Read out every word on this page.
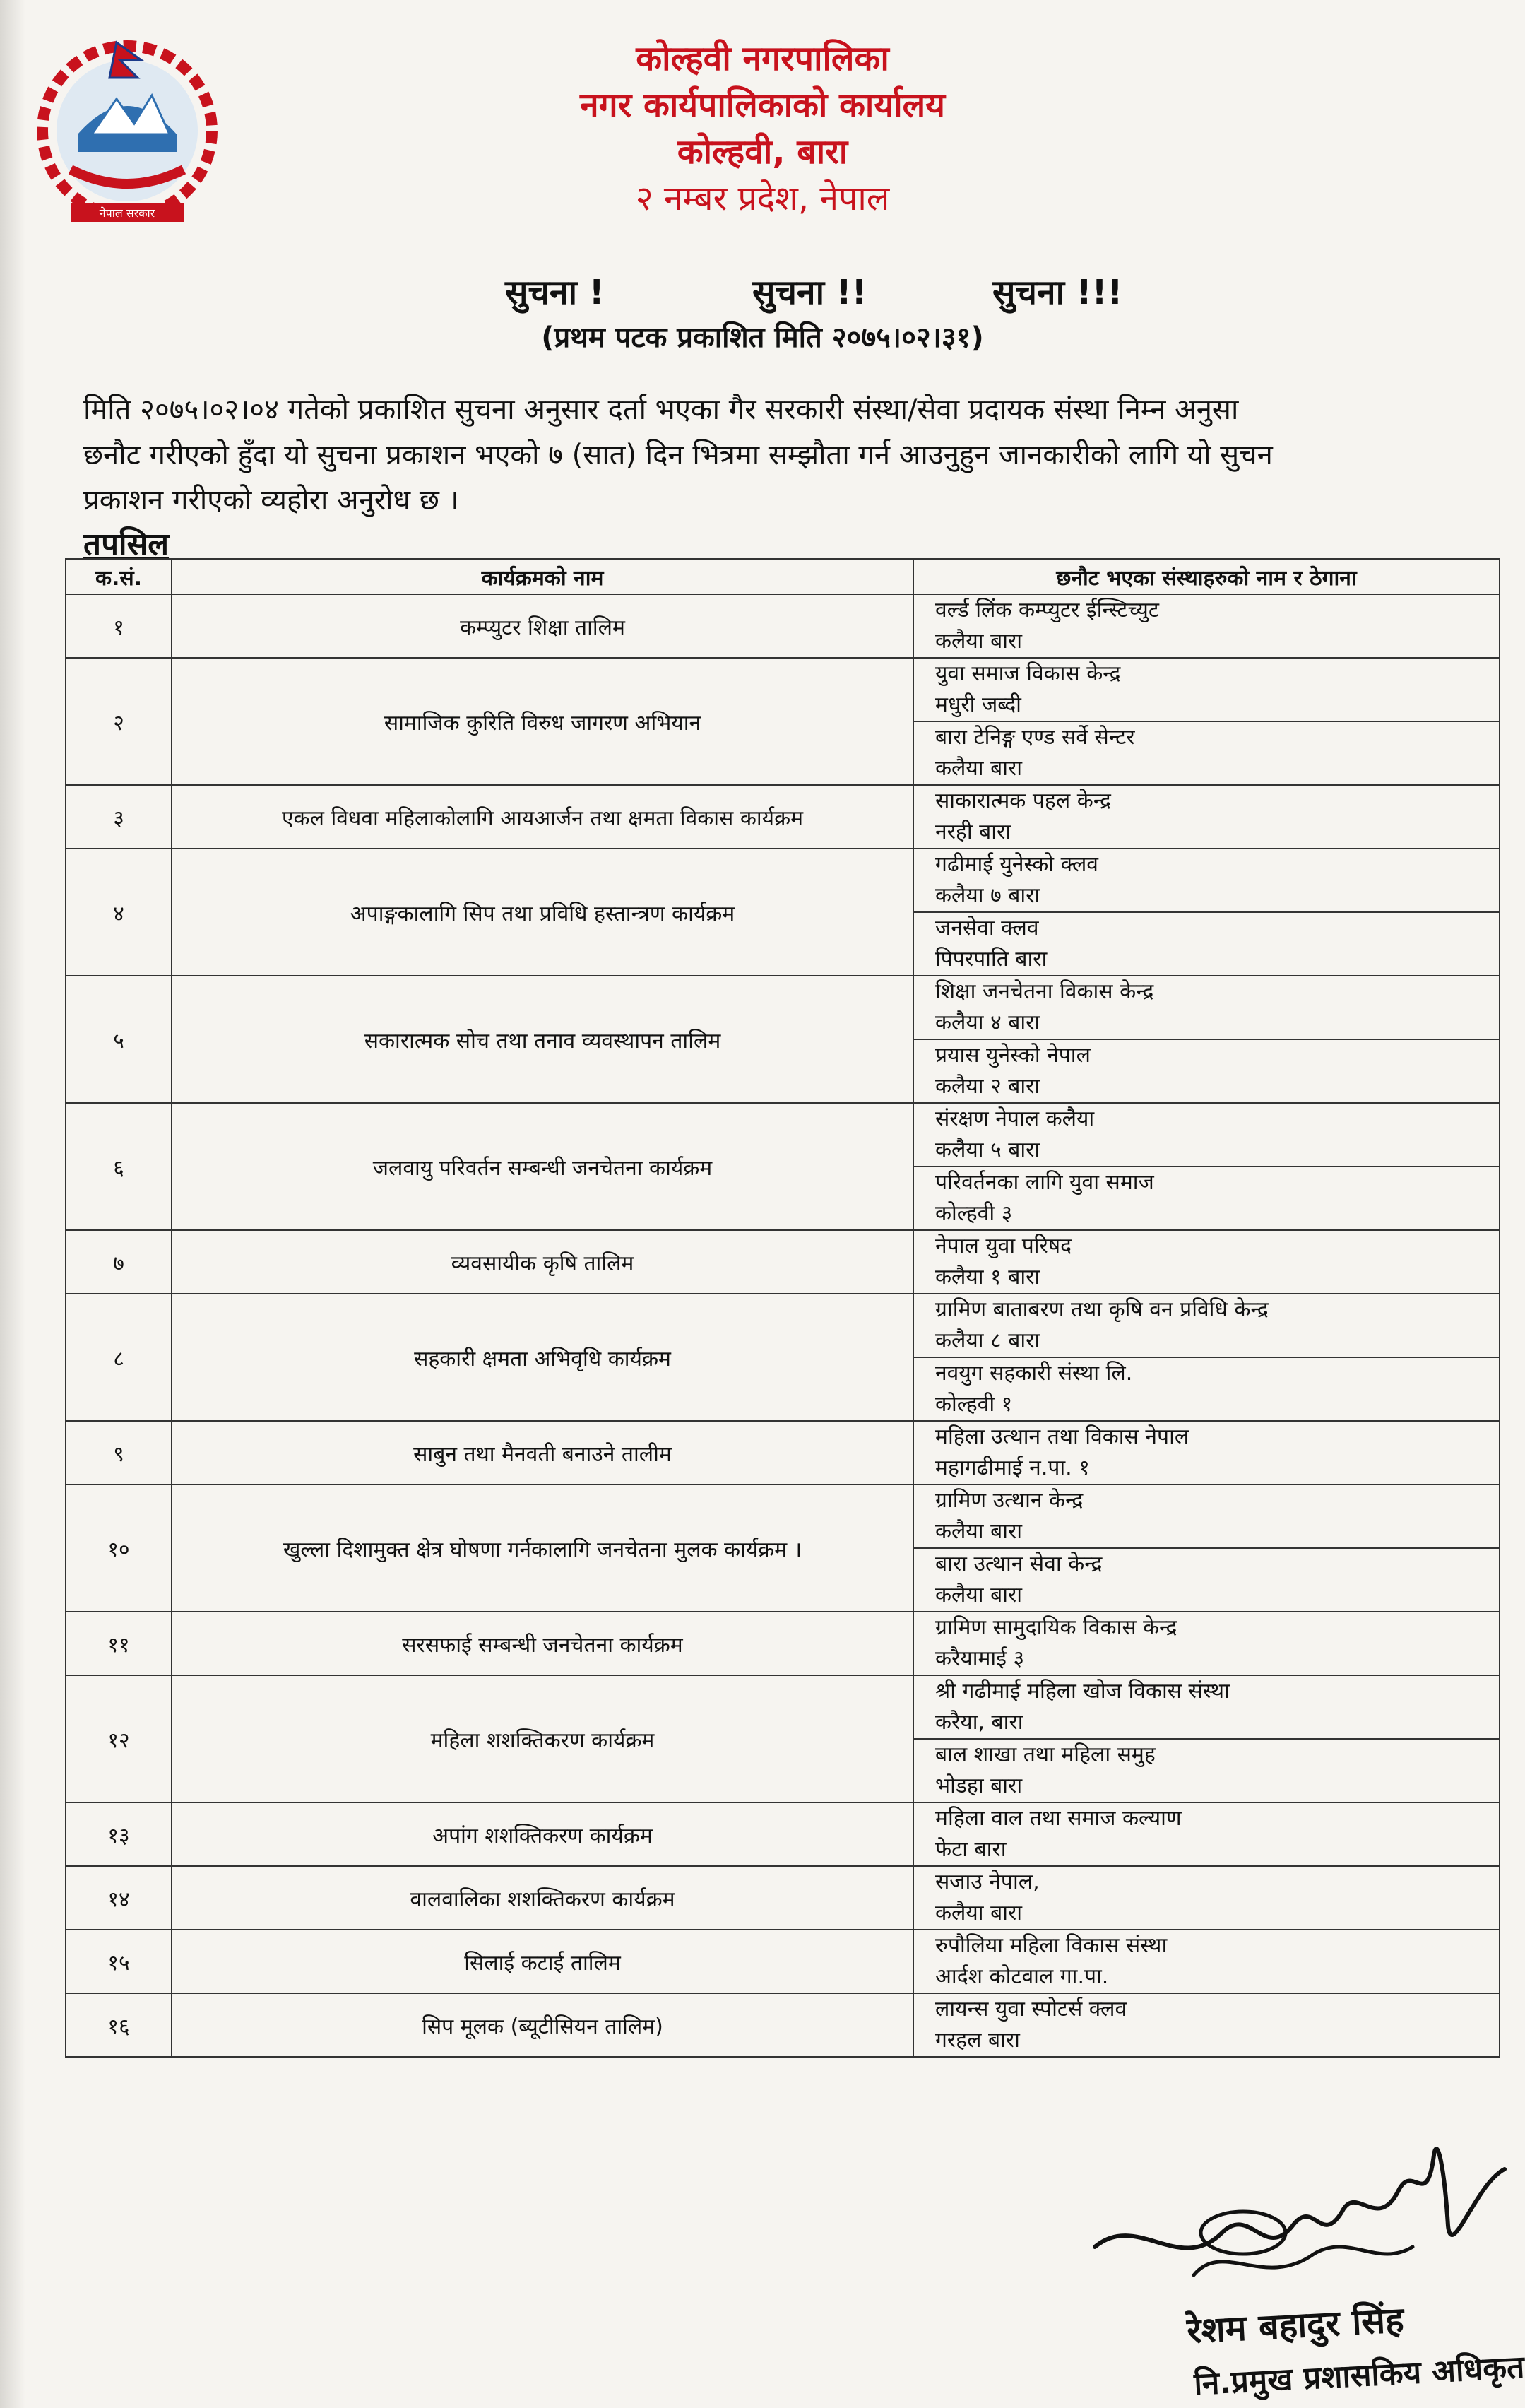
नेपाल सरकार
कोल्हवी नगरपालिका
नगर कार्यपालिकाको कार्यालय
कोल्हवी, बारा
२ नम्बर प्रदेश, नेपाल
सुचना !	सुचना !!	सुचना !!!
(प्रथम पटक प्रकाशित मिति २०७५।०२।३१)

मिति २०७५।०२।०४ गतेको प्रकाशित सुचना अनुसार दर्ता भएका गैर सरकारी संस्था/सेवा प्रदायक संस्था निम्न अनुसा

छनौट गरीएको हुँदा यो सुचना प्रकाशन भएको ७ (सात) दिन भित्रमा सम्झौता गर्न आउनुहुन जानकारीको लागि यो सुचन

प्रकाशन गरीएको व्यहोरा अनुरोध छ ।

तपसिल
क.सं.	कार्यक्रमको नाम	छनौट भएका संस्थाहरुको नाम र ठेगाना
१	कम्प्युटर शिक्षा तालिम	वर्ल्ड लिंक कम्प्युटर ईन्स्टिच्युट
कलैया बारा

२	सामाजिक कुरिति विरुध जागरण अभियान	युवा समाज विकास केन्द्र
मधुरी जब्दी

		बारा टेनिङ्ग एण्ड सर्वे सेन्टर
कलैया बारा

३	एकल विधवा महिलाकोलागि आयआर्जन तथा क्षमता विकास कार्यक्रम	साकारात्मक पहल केन्द्र
नरही बारा

४	अपाङ्गकालागि सिप तथा प्रविधि हस्तान्त्रण कार्यक्रम	गढीमाई युनेस्को क्लव
कलैया ७ बारा

		जनसेवा क्लव
पिपरपाति बारा

५	सकारात्मक सोच तथा तनाव व्यवस्थापन तालिम	शिक्षा जनचेतना विकास केन्द्र
कलैया ४ बारा

		प्रयास युनेस्को नेपाल
कलैया २ बारा

६	जलवायु परिवर्तन सम्बन्धी जनचेतना कार्यक्रम	संरक्षण नेपाल कलैया
कलैया ५ बारा

		परिवर्तनका लागि युवा समाज
कोल्हवी ३

७	व्यवसायीक कृषि तालिम	नेपाल युवा परिषद
कलैया १ बारा

८	सहकारी क्षमता अभिवृधि कार्यक्रम	ग्रामिण बाताबरण तथा कृषि वन प्रविधि केन्द्र
कलैया ८ बारा

		नवयुग सहकारी संस्था लि.
कोल्हवी १

९	साबुन तथा मैनवती बनाउने तालीम	महिला उत्थान तथा विकास नेपाल
महागढीमाई न.पा. १

१०	खुल्ला दिशामुक्त क्षेत्र घोषणा गर्नकालागि जनचेतना मुलक कार्यक्रम ।	ग्रामिण उत्थान केन्द्र
कलैया बारा

		बारा उत्थान सेवा केन्द्र
कलैया बारा

११	सरसफाई सम्बन्धी जनचेतना कार्यक्रम	ग्रामिण सामुदायिक विकास केन्द्र
करैयामाई ३

१२	महिला शशक्तिकरण कार्यक्रम	श्री गढीमाई महिला खोज विकास संस्था
करैया, बारा

		बाल शाखा तथा महिला समुह
भोडहा बारा

१३	अपांग शशक्तिकरण कार्यक्रम	महिला वाल तथा समाज कल्याण
फेटा बारा

१४	वालवालिका शशक्तिकरण कार्यक्रम	सजाउ नेपाल,
कलैया बारा

१५	सिलाई कटाई तालिम	रुपौलिया महिला विकास संस्था
आर्दश कोटवाल गा.पा.

१६	सिप मूलक (ब्यूटीसियन तालिम)	लायन्स युवा स्पोटर्स क्लव
गरहल बारा
रेशम बहादुर सिंह
नि.प्रमुख प्रशासकिय अधिकृत
